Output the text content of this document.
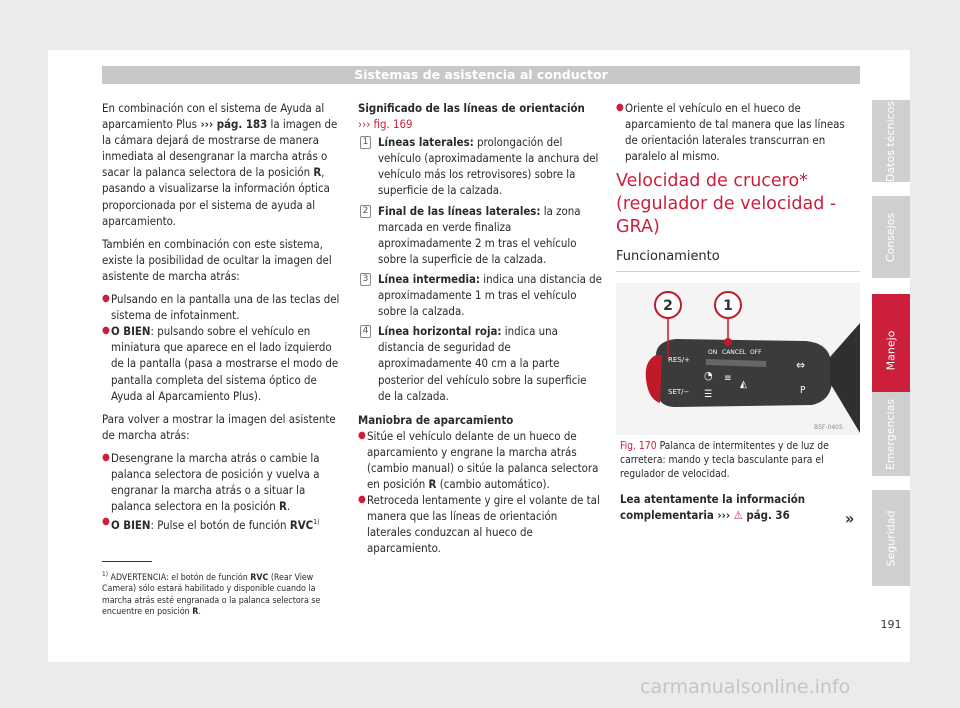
Sistemas de asistencia al conductor

En combinación con el sistema de Ayuda al aparcamiento Plus ››› pág. 183 la imagen de la cámara dejará de mostrarse de manera inmediata al desengranar la marcha atrás o sacar la palanca selectora de la posición R, pasando a visualizarse la información óptica proporcionada por el sistema de ayuda al aparcamiento.

También en combinación con este sistema, existe la posibilidad de ocultar la imagen del asistente de marcha atrás:

● Pulsando en la pantalla una de las teclas del sistema de infotainment.
● O BIEN: pulsando sobre el vehículo en miniatura que aparece en el lado izquierdo de la pantalla (pasa a mostrarse el modo de pantalla completa del sistema óptico de Ayuda al Aparcamiento Plus).

Para volver a mostrar la imagen del asistente de marcha atrás:

● Desengrane la marcha atrás o cambie la palanca selectora de posición y vuelva a engranar la marcha atrás o a situar la palanca selectora en la posición R.
● O BIEN: Pulse el botón de función RVC$^{1)}$
Significado de las líneas de orientación
››› fig. 169
1 Líneas laterales: prolongación del vehículo (aproximadamente la anchura del vehículo más los retrovisores) sobre la superficie de la calzada.
2 Final de las líneas laterales: la zona marcada en verde finaliza aproximadamente 2 m tras el vehículo sobre la superficie de la calzada.
3 Línea intermedia: indica una distancia de aproximadamente 1 m tras el vehículo sobre la calzada.
4 Línea horizontal roja: indica una distancia de seguridad de aproximadamente 40 cm a la parte posterior del vehículo sobre la superficie de la calzada.
Maniobra de aparcamiento
● Sitúe el vehículo delante de un hueco de aparcamiento y engrane la marcha atrás (cambio manual) o sitúe la palanca selectora en posición R (cambio automático).
● Retroceda lentamente y gire el volante de tal manera que las líneas de orientación laterales conduzcan al hueco de aparcamiento.
● Oriente el vehículo en el hueco de aparcamiento de tal manera que las líneas de orientación laterales transcurran en paralelo al mismo.
Velocidad de crucero* (regulador de velocidad - GRA)
Funcionamiento
2	1
RES/+
SET/−
ON CANCEL OFF
◔
☰
≡
◭
⇔
P
B5F-0405
Fig. 170 Palanca de intermitentes y de luz de carretera: mando y tecla basculante para el regulador de velocidad.
Lea atentamente la información complementaria ››› ⚠ pág. 36	»
$^{1)}$ ADVERTENCIA: el botón de función RVC (Rear View Camera) sólo estará habilitado y disponible cuando la marcha atrás esté engranada o la palanca selectora se encuentre en posición R.
Datos técnicos
Consejos
Manejo
Emergencias
Seguridad
191
carmanualsonline.info
